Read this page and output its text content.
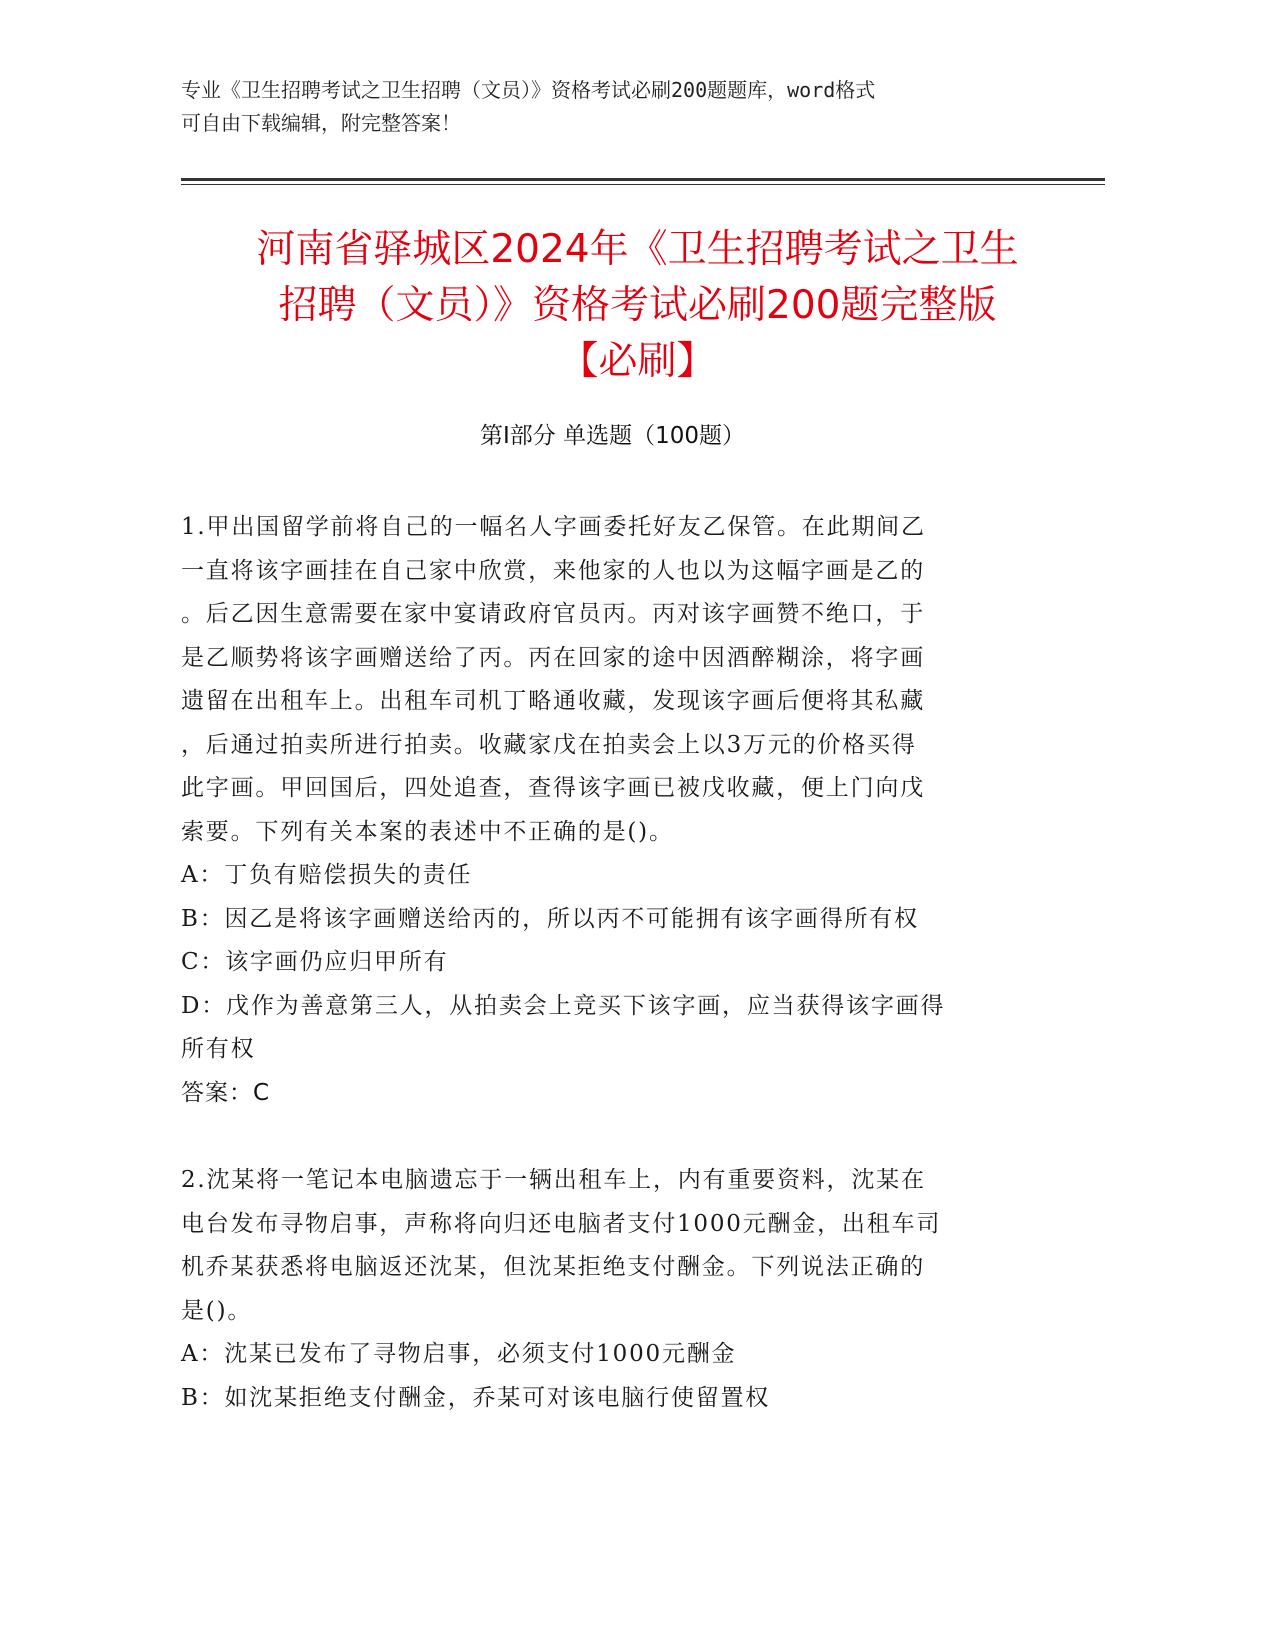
专业《卫生招聘考试之卫生招聘（文员）》资格考试必刷200题题库，word格式
可自由下载编辑，附完整答案！
河南省驿城区2024年《卫生招聘考试之卫生
招聘（文员）》资格考试必刷200题完整版
【必刷】
第Ⅰ部分 单选题（100题）

1.甲出国留学前将自己的一幅名人字画委托好友乙保管。在此期间乙

一直将该字画挂在自己家中欣赏，来他家的人也以为这幅字画是乙的

。后乙因生意需要在家中宴请政府官员丙。丙对该字画赞不绝口，于

是乙顺势将该字画赠送给了丙。丙在回家的途中因酒醉糊涂，将字画

遗留在出租车上。出租车司机丁略通收藏，发现该字画后便将其私藏

，后通过拍卖所进行拍卖。收藏家戊在拍卖会上以3万元的价格买得

此字画。甲回国后，四处追查，查得该字画已被戊收藏，便上门向戊

索要。下列有关本案的表述中不正确的是()。

A：丁负有赔偿损失的责任

B：因乙是将该字画赠送给丙的，所以丙不可能拥有该字画得所有权

C：该字画仍应归甲所有

D：戊作为善意第三人，从拍卖会上竞买下该字画，应当获得该字画得

所有权

答案：C

2.沈某将一笔记本电脑遗忘于一辆出租车上，内有重要资料，沈某在

电台发布寻物启事，声称将向归还电脑者支付1000元酬金，出租车司

机乔某获悉将电脑返还沈某，但沈某拒绝支付酬金。下列说法正确的

是()。

A：沈某已发布了寻物启事，必须支付1000元酬金

B：如沈某拒绝支付酬金，乔某可对该电脑行使留置权
